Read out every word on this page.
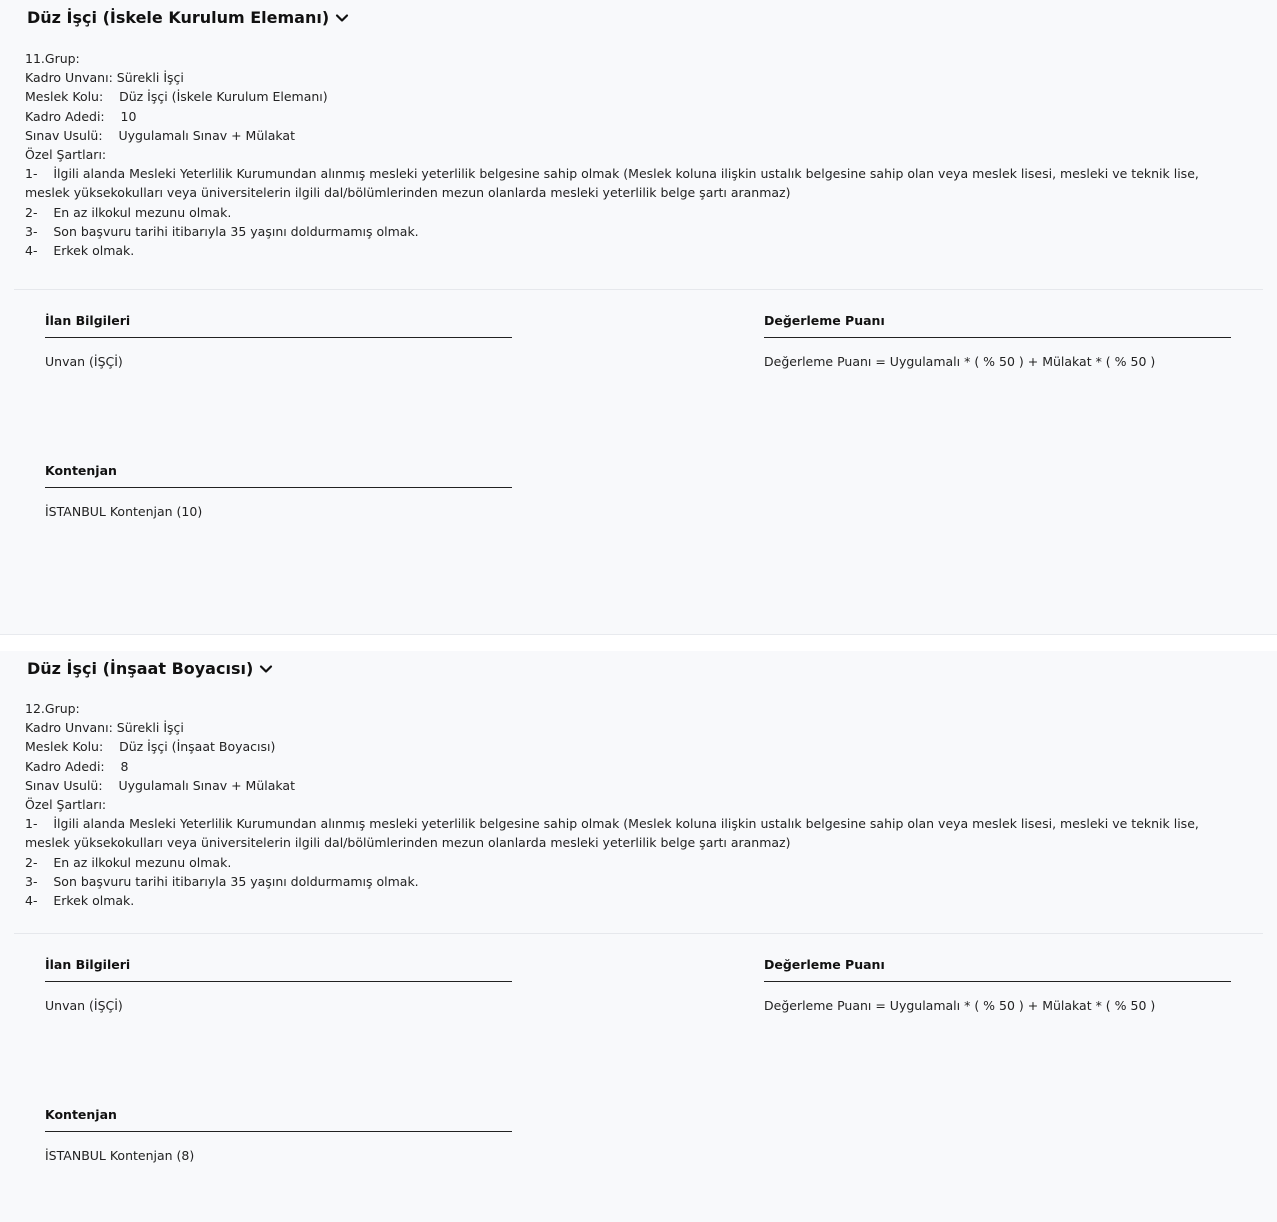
Düz İşçi (İskele Kurulum Elemanı)
11.Grup:
Kadro Unvanı: Sürekli İşçi
Meslek Kolu:    Düz İşçi (İskele Kurulum Elemanı)
Kadro Adedi:    10
Sınav Usulü:    Uygulamalı Sınav + Mülakat
Özel Şartları:
1-    İlgili alanda Mesleki Yeterlilik Kurumundan alınmış mesleki yeterlilik belgesine sahip olmak (Meslek koluna ilişkin ustalık belgesine sahip olan veya meslek lisesi, mesleki ve teknik lise, meslek yüksekokulları veya üniversitelerin ilgili dal/bölümlerinden mezun olanlarda mesleki yeterlilik belge şartı aranmaz)
2-    En az ilkokul mezunu olmak.
3-    Son başvuru tarihi itibarıyla 35 yaşını doldurmamış olmak.
4-    Erkek olmak.
İlan Bilgileri
Unvan (İŞÇİ)
Değerleme Puanı
Değerleme Puanı = Uygulamalı * ( % 50 ) + Mülakat * ( % 50 )
Kontenjan
İSTANBUL Kontenjan (10)
Düz İşçi (İnşaat Boyacısı)
12.Grup:
Kadro Unvanı: Sürekli İşçi
Meslek Kolu:    Düz İşçi (İnşaat Boyacısı)
Kadro Adedi:    8
Sınav Usulü:    Uygulamalı Sınav + Mülakat
Özel Şartları:
1-    İlgili alanda Mesleki Yeterlilik Kurumundan alınmış mesleki yeterlilik belgesine sahip olmak (Meslek koluna ilişkin ustalık belgesine sahip olan veya meslek lisesi, mesleki ve teknik lise, meslek yüksekokulları veya üniversitelerin ilgili dal/bölümlerinden mezun olanlarda mesleki yeterlilik belge şartı aranmaz)
2-    En az ilkokul mezunu olmak.
3-    Son başvuru tarihi itibarıyla 35 yaşını doldurmamış olmak.
4-    Erkek olmak.
İlan Bilgileri
Unvan (İŞÇİ)
Değerleme Puanı
Değerleme Puanı = Uygulamalı * ( % 50 ) + Mülakat * ( % 50 )
Kontenjan
İSTANBUL Kontenjan (8)
